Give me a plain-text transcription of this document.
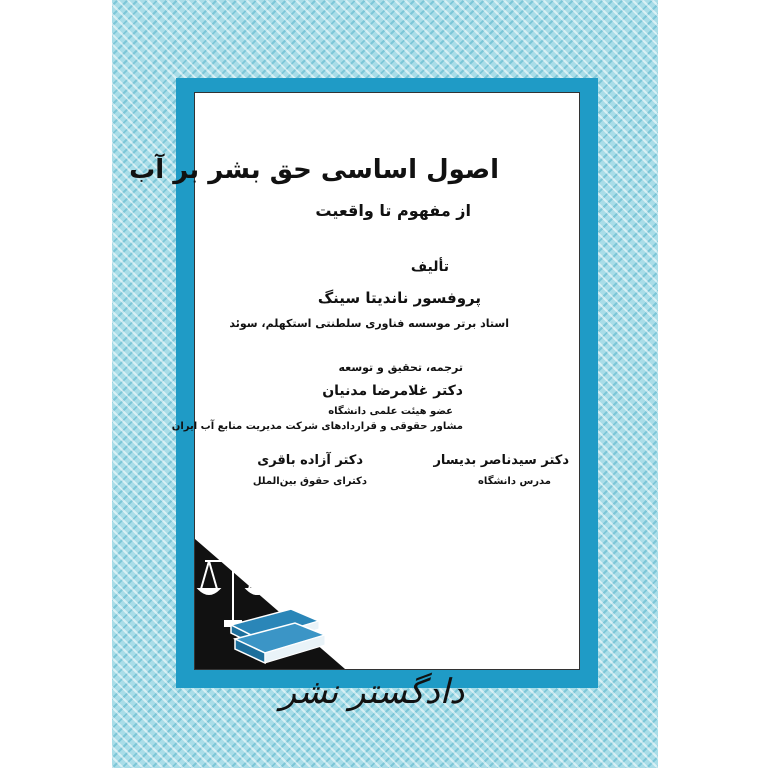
اصول اساسی حق بشر بر آب
از مفهوم تا واقعیت
تألیف
پروفسور ناندیتا سینگ
استاد برتر موسسه فناوری سلطنتی استکهلم، سوئد
ترجمه، تحقیق و توسعه
دکتر غلامرضا مدنیان
عضو هیئت علمی دانشگاه
مشاور حقوقی و قراردادهای شرکت مدیریت منابع آب ایران
دکتر سیدناصر بدیسار
مدرس دانشگاه
دکتر آزاده باقری
دکترای حقوق بین‌الملل
دادگستر نشر
